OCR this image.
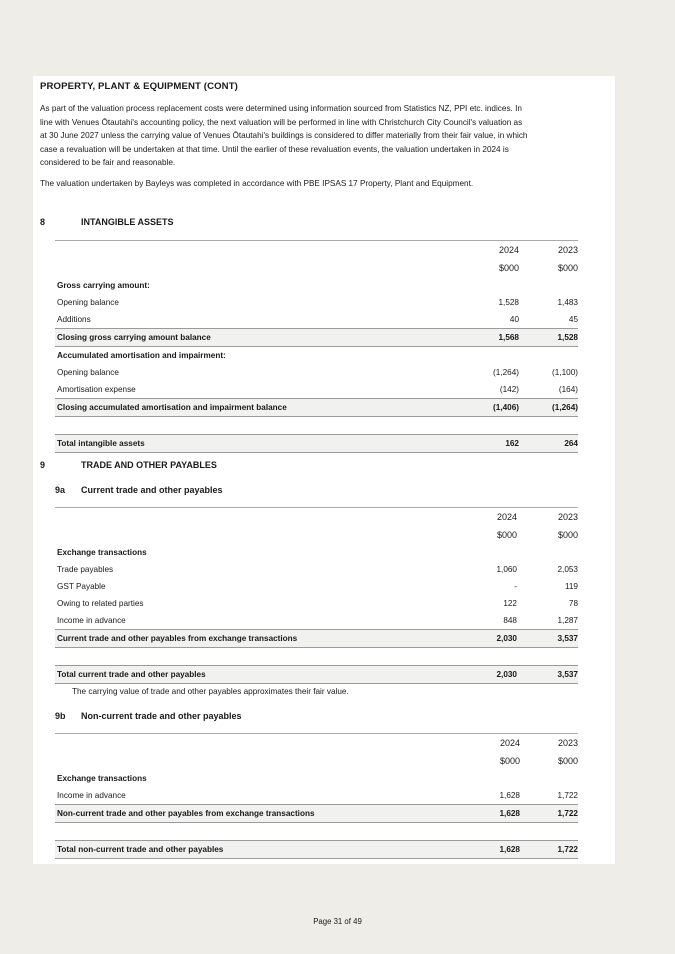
PROPERTY, PLANT & EQUIPMENT (CONT)
As part of the valuation process replacement costs were determined using information sourced from Statistics NZ, PPI etc. indices. In
line with Venues Ōtautahi's accounting policy, the next valuation will be performed in line with Christchurch City Council's valuation as
at 30 June 2027 unless the carrying value of Venues Ōtautahi's buildings is considered to differ materially from their fair value, in which
case a revaluation will be undertaken at that time. Until the earlier of these revaluation events, the valuation undertaken in 2024 is
considered to be fair and reasonable.
The valuation undertaken by Bayleys was completed in accordance with PBE IPSAS 17 Property, Plant and Equipment.
8	INTANGIBLE ASSETS
	2024	2023
	$000	$000
Gross carrying amount:		
Opening balance	1,528	1,483
Additions	40	45
Closing gross carrying amount balance	1,568	1,528
Accumulated amortisation and impairment:		
Opening balance	(1,264)	(1,100)
Amortisation expense	(142)	(164)
Closing accumulated amortisation and impairment balance	(1,406)	(1,264)

Total intangible assets	162	264
9	TRADE AND OTHER PAYABLES
9a Current trade and other payables
	2024	2023
	$000	$000
Exchange transactions		
Trade payables	1,060	2,053
GST Payable	-	119
Owing to related parties	122	78
Income in advance	848	1,287
Current trade and other payables from exchange transactions	2,030	3,537

Total current trade and other payables	2,030	3,537
The carrying value of trade and other payables approximates their fair value.
9b Non-current trade and other payables
	2024	2023
	$000	$000
Exchange transactions		
Income in advance	1,628	1,722
Non-current trade and other payables from exchange transactions	1,628	1,722

Total non-current trade and other payables	1,628	1,722
Page 31 of 49
